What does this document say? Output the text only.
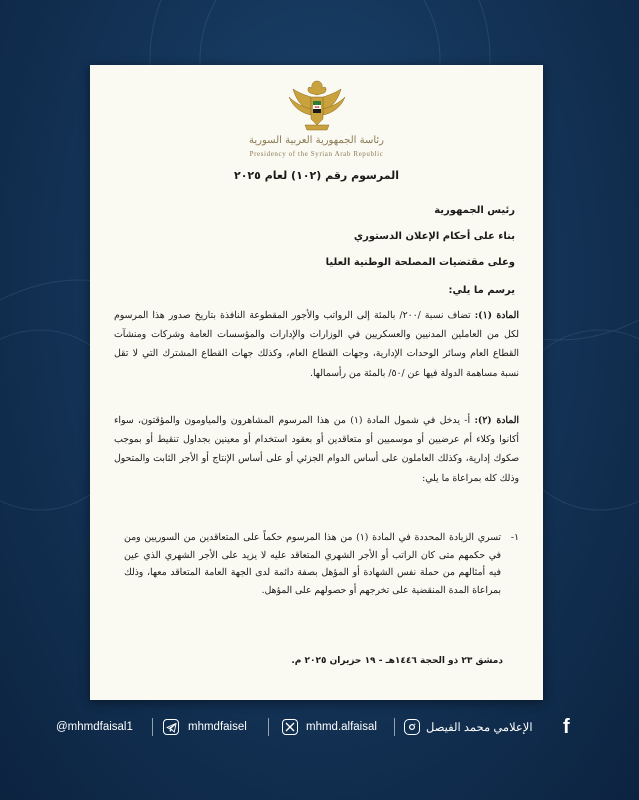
رئاسة الجمهورية العربية السورية
Presidency of the Syrian Arab Republic
المرسوم رقم (١٠٢) لعام ٢٠٢٥
رئيس الجمهورية
بناء على أحكام الإعلان الدستوري
وعلى مقتضيات المصلحة الوطنية العليا
يرسم ما يلي:
المادة (١): تضاف نسبة /٢٠٠/ بالمئة إلى الرواتب والأجور المقطوعة النافذة بتاريخ صدور هذا المرسوم لكل من العاملين المدنيين والعسكريين في الوزارات والإدارات والمؤسسات العامة وشركات ومنشآت القطاع العام وسائر الوحدات الإدارية، وجهات القطاع العام، وكذلك جهات القطاع المشترك التي لا تقل نسبة مساهمة الدولة فيها عن /٥٠/ بالمئة من رأسمالها.
المادة (٢): أ- يدخل في شمول المادة (١) من هذا المرسوم المشاهرون والمياومون والمؤقتون، سواء أكانوا وكلاء أم عرضيين أو موسميين أو متعاقدين أو بعقود استخدام أو معينين بجداول تنقيط أو بموجب صكوك إدارية، وكذلك العاملون على أساس الدوام الجزئي أو على أساس الإنتاج أو الأجر الثابت والمتحول وذلك كله بمراعاة ما يلي:
١-
تسري الزيادة المحددة في المادة (١) من هذا المرسوم حكماً على المتعاقدين من السوريين ومن في حكمهم متى كان الراتب أو الأجر الشهري المتعاقد عليه لا يزيد على الأجر الشهري الذي عين فيه أمثالهم من حملة نفس الشهادة أو المؤهل بصفة دائمة لدى الجهة العامة المتعاقد معها، وذلك بمراعاة المدة المنقضية على تخرجهم أو حصولهم على المؤهل.
دمشق ٢٣ ذو الحجة ١٤٤٦هـ - ١٩ حزيران ٢٠٢٥ م.
@mhmdfaisal1	mhmdfaisel	mhmd.alfaisal	الإعلامي محمد الفيصل f
